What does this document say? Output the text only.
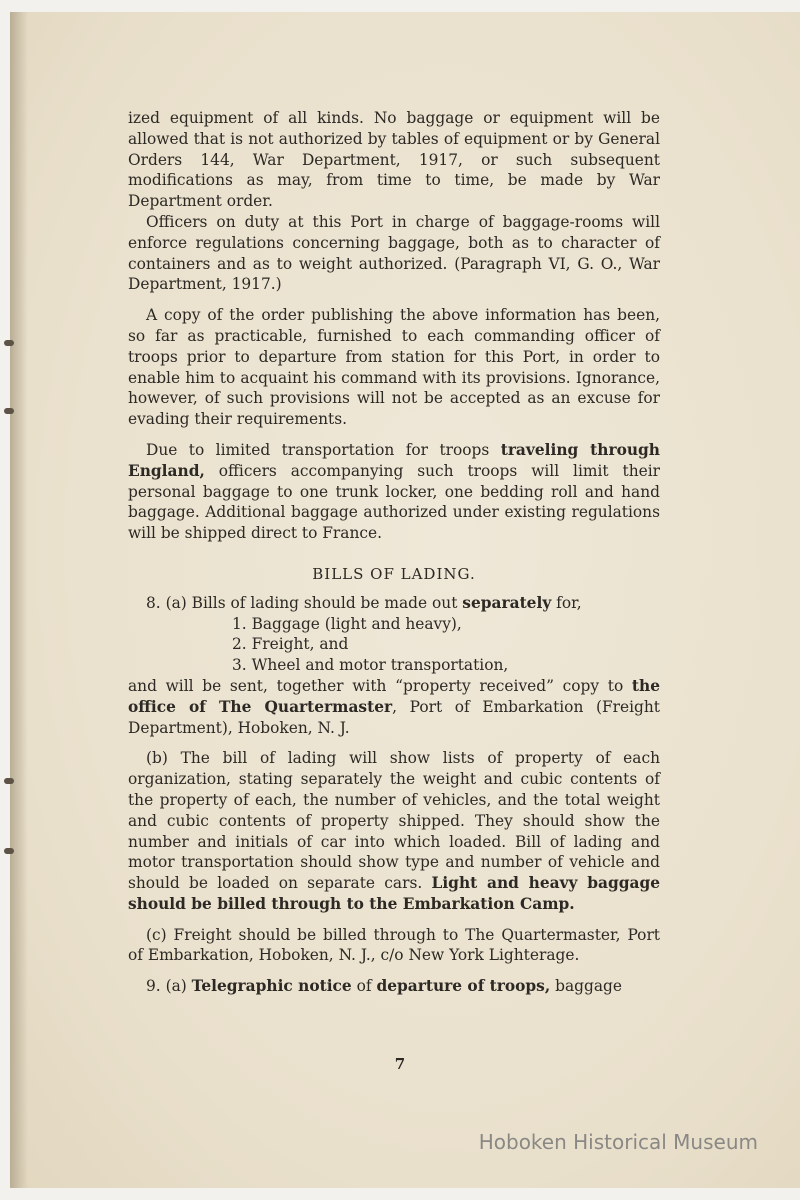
ized equipment of all kinds. No baggage or equipment will be allowed that is not authorized by tables of equipment or by General Orders 144, War Department, 1917, or such subsequent modifications as may, from time to time, be made by War Department order.

Officers on duty at this Port in charge of baggage-rooms will enforce regulations concerning baggage, both as to character of containers and as to weight authorized. (Paragraph VI, G. O., War Department, 1917.)

A copy of the order publishing the above information has been, so far as practicable, furnished to each commanding officer of troops prior to departure from station for this Port, in order to enable him to acquaint his command with its provisions. Ignorance, however, of such provisions will not be accepted as an excuse for evading their requirements.

Due to limited transportation for troops traveling through England, officers accompanying such troops will limit their personal baggage to one trunk locker, one bedding roll and hand baggage. Additional baggage authorized under existing regulations will be shipped direct to France.

BILLS OF LADING.

8. (a) Bills of lading should be made out separately for,

1. Baggage (light and heavy),

2. Freight, and

3. Wheel and motor transportation,

and will be sent, together with “property received” copy to the office of The Quartermaster, Port of Embarkation (Freight Department), Hoboken, N. J.

(b) The bill of lading will show lists of property of each organization, stating separately the weight and cubic contents of the property of each, the number of vehicles, and the total weight and cubic contents of property shipped. They should show the number and initials of car into which loaded. Bill of lading and motor transportation should show type and number of vehicle and should be loaded on separate cars. Light and heavy baggage should be billed through to the Embarkation Camp.

(c) Freight should be billed through to The Quartermaster, Port of Embarkation, Hoboken, N. J., c/o New York Lighterage.

9. (a) Telegraphic notice of departure of troops, baggage

7
Hoboken Historical Museum
